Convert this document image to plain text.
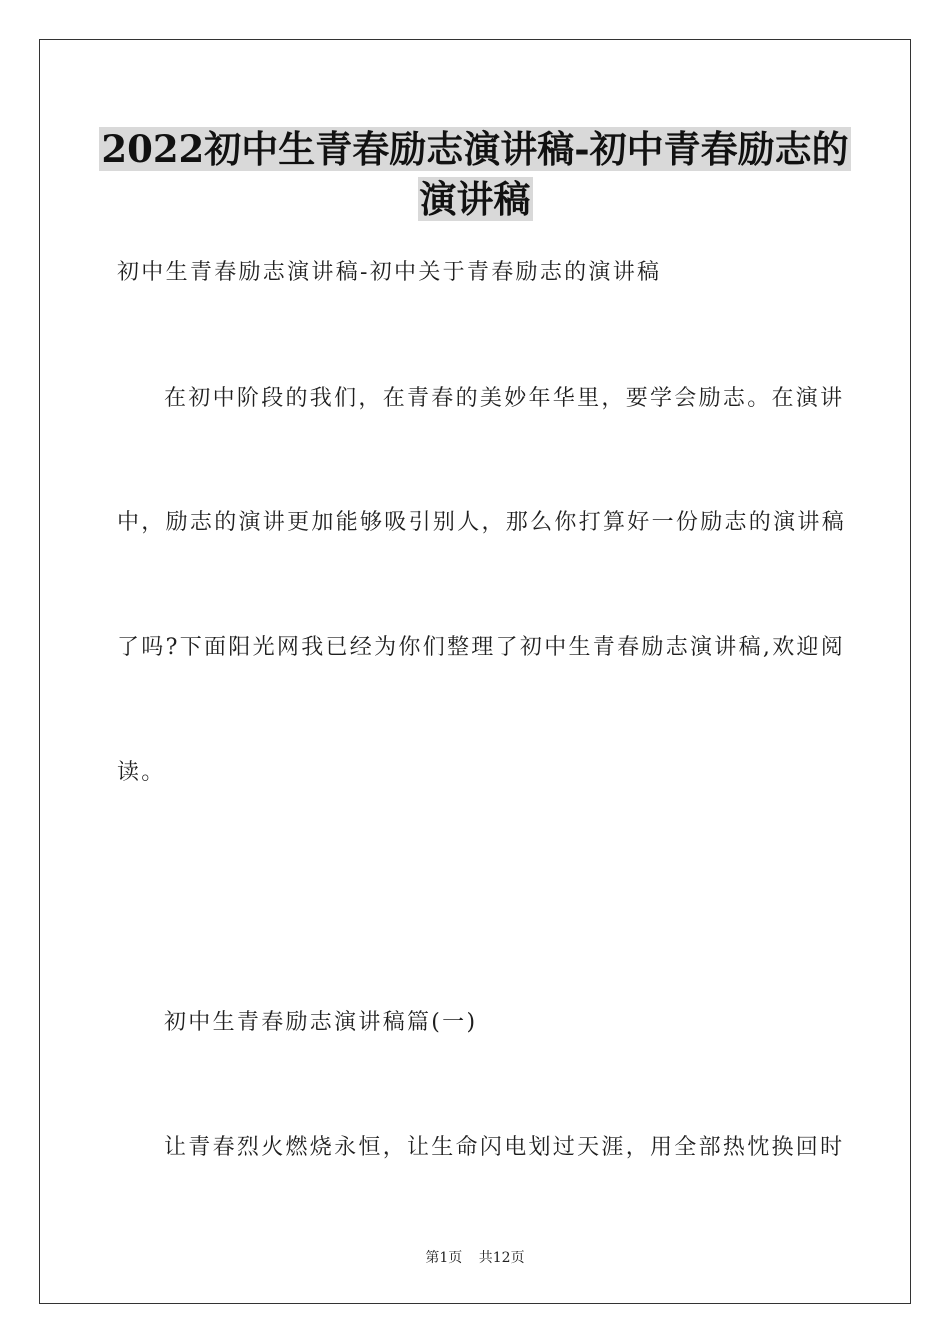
2022初中生青春励志演讲稿-初中青春励志的
演讲稿
初中生青春励志演讲稿-初中关于青春励志的演讲稿
在初中阶段的我们，在青春的美妙年华里，要学会励志。在演讲
中，励志的演讲更加能够吸引别人，那么你打算好一份励志的演讲稿
了吗?下面阳光网我已经为你们整理了初中生青春励志演讲稿,欢迎阅
读。
初中生青春励志演讲稿篇(一)
让青春烈火燃烧永恒，让生命闪电划过天涯，用全部热忱换回时
第1页 共12页
